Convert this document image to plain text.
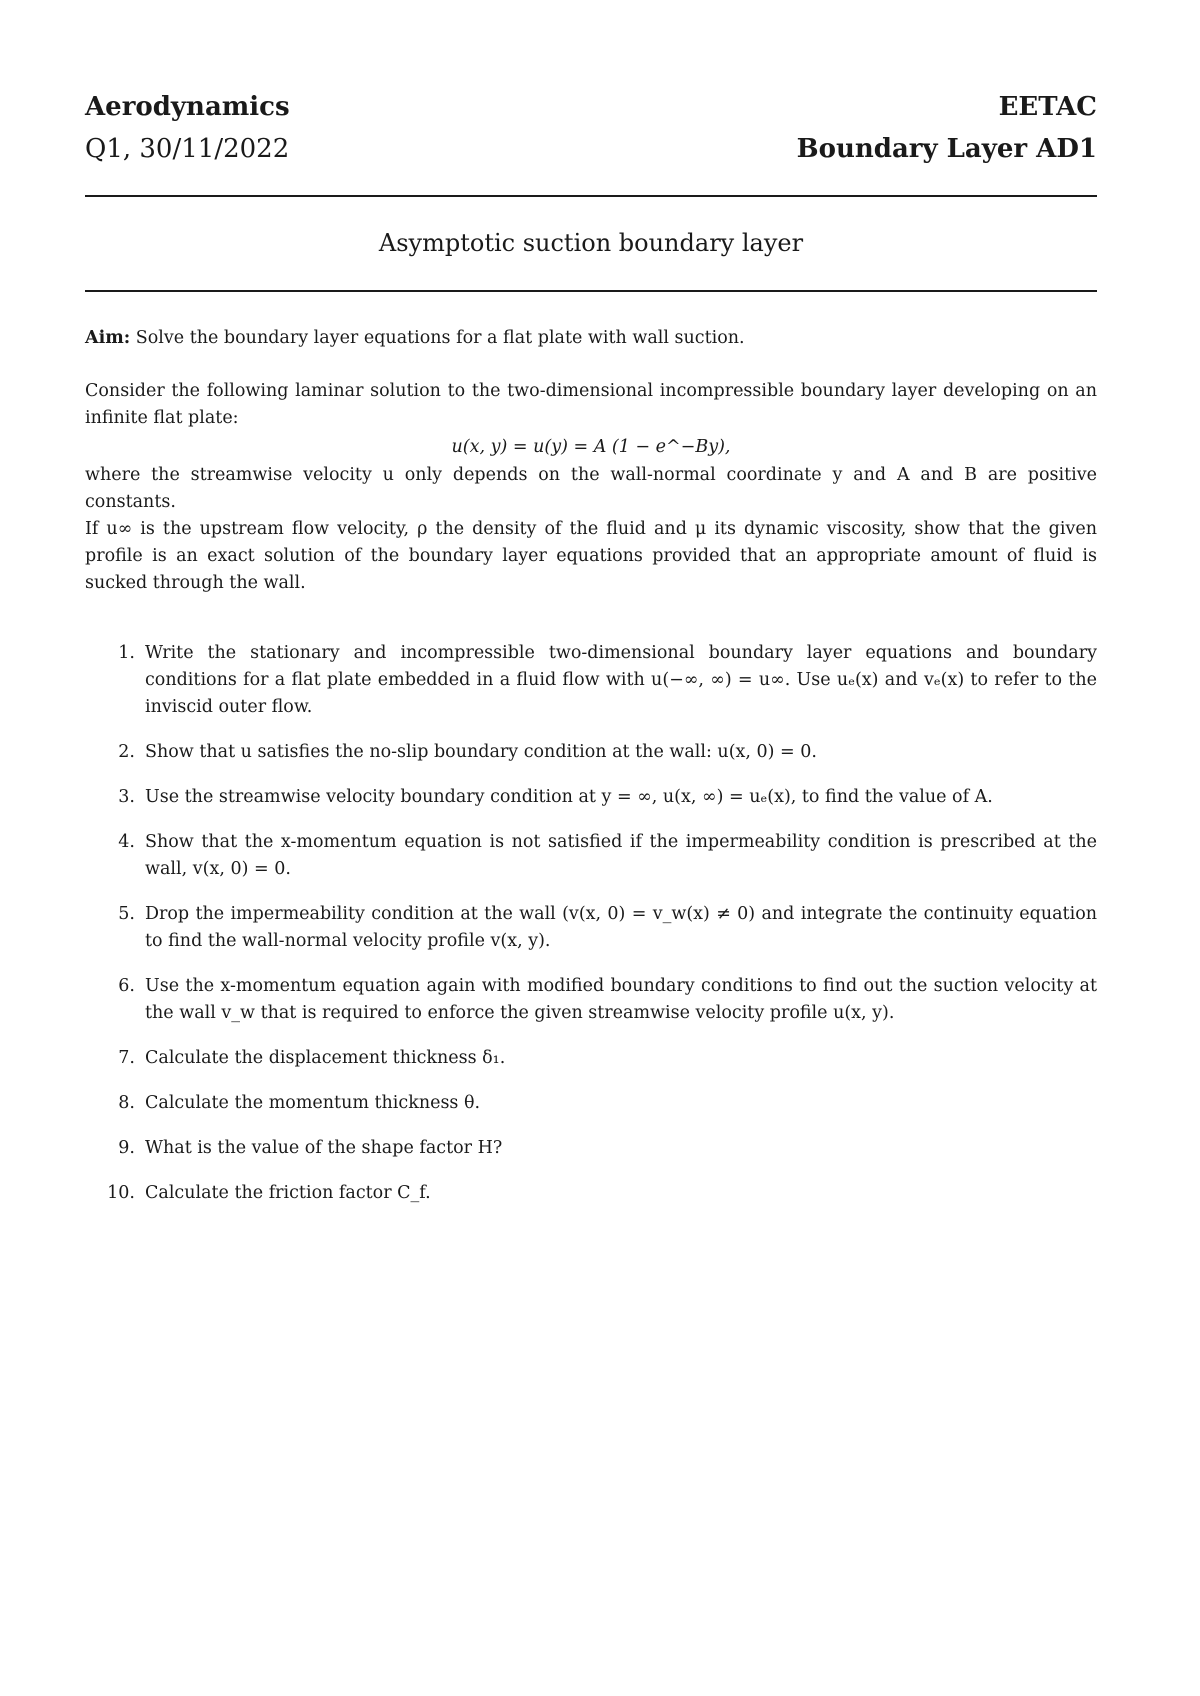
Aerodynamics	EETAC
Q1, 30/11/2022	Boundary Layer AD1
Asymptotic suction boundary layer

Aim: Solve the boundary layer equations for a flat plate with wall suction.

Consider the following laminar solution to the two-dimensional incompressible boundary layer developing on an infinite flat plate:

u(x, y) = u(y) = A (1 − e^−By),

where the streamwise velocity u only depends on the wall-normal coordinate y and A and B are positive constants.

If u∞ is the upstream flow velocity, ρ the density of the fluid and μ its dynamic viscosity, show that the given profile is an exact solution of the boundary layer equations provided that an appropriate amount of fluid is sucked through the wall.

1. Write the stationary and incompressible two-dimensional boundary layer equations and boundary conditions for a flat plate embedded in a fluid flow with u(−∞, ∞) = u∞. Use uₑ(x) and vₑ(x) to refer to the inviscid outer flow.
2. Show that u satisfies the no-slip boundary condition at the wall: u(x, 0) = 0.
3. Use the streamwise velocity boundary condition at y = ∞, u(x, ∞) = uₑ(x), to find the value of A.
4. Show that the x-momentum equation is not satisfied if the impermeability condition is prescribed at the wall, v(x, 0) = 0.
5. Drop the impermeability condition at the wall (v(x, 0) = v_w(x) ≠ 0) and integrate the continuity equation to find the wall-normal velocity profile v(x, y).
6. Use the x-momentum equation again with modified boundary conditions to find out the suction velocity at the wall v_w that is required to enforce the given streamwise velocity profile u(x, y).
7. Calculate the displacement thickness δ₁.
8. Calculate the momentum thickness θ.
9. What is the value of the shape factor H?
10. Calculate the friction factor C_f.
